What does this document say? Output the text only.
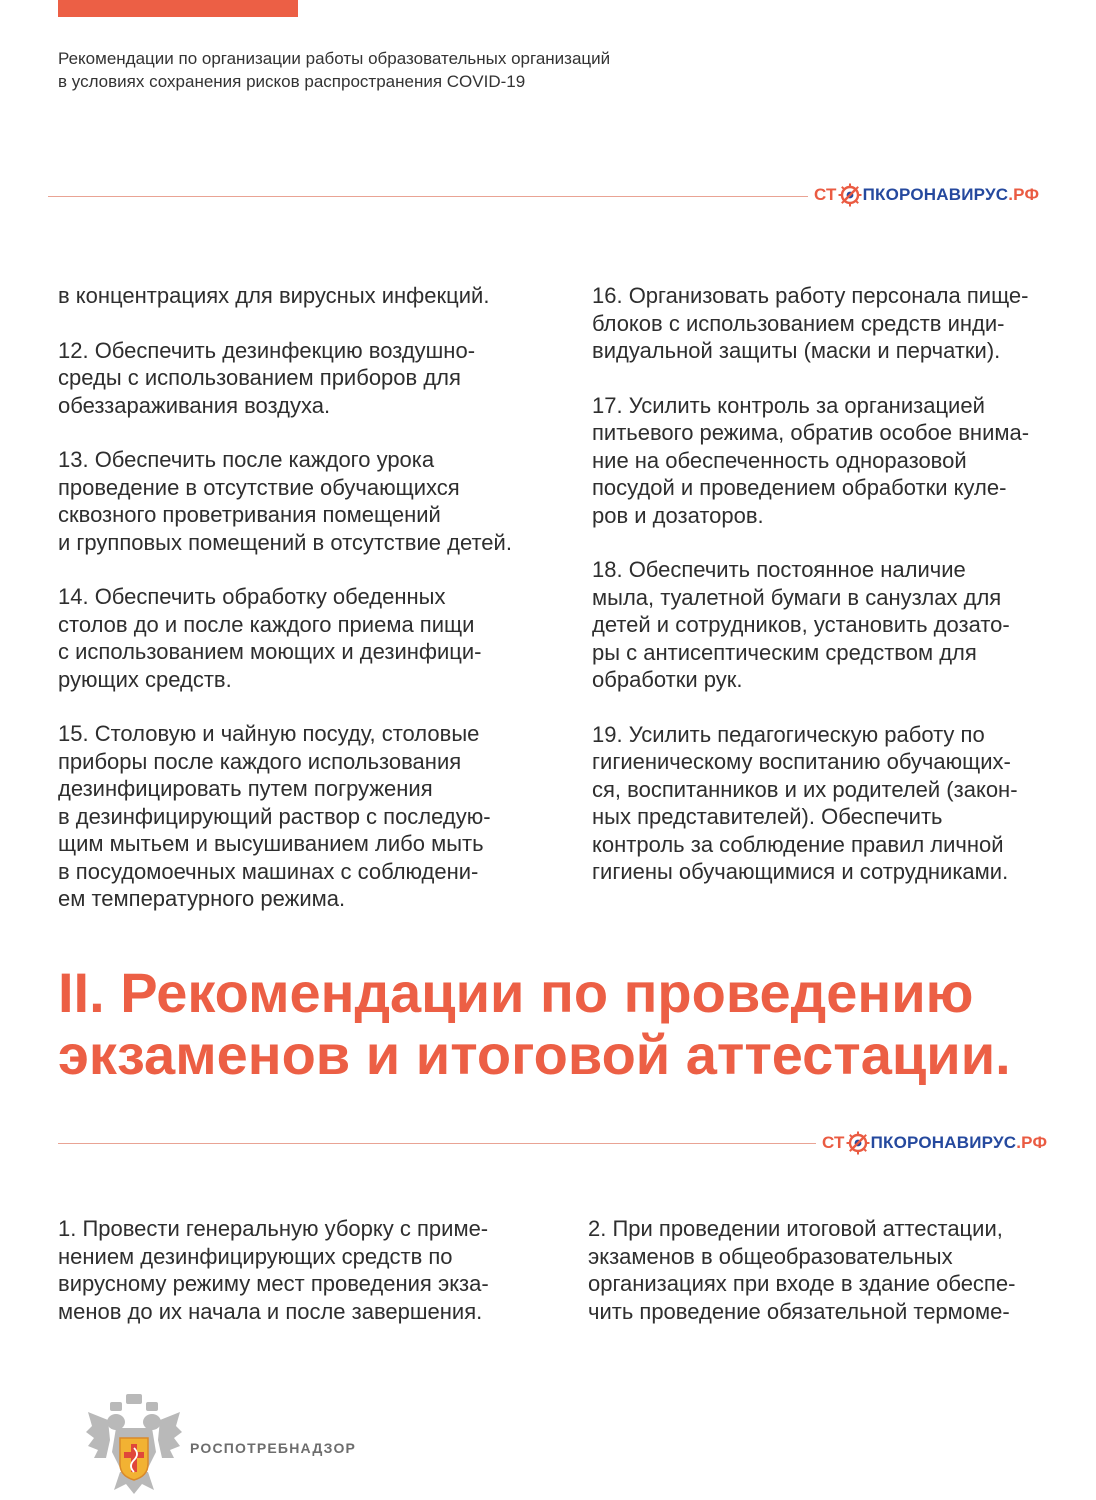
Рекомендации по организации работы образовательных организаций
в условиях сохранения рисков распространения COVID-19
СТ ПКОРОНАВИРУС .РФ

в концентрациях для вирусных инфекций.

12. Обеспечить дезинфекцию воздушно-
среды с использованием приборов для
обеззараживания воздуха.

13. Обеспечить после каждого урока
проведение в отсутствие обучающихся
сквозного проветривания помещений
и групповых помещений в отсутствие детей.

14. Обеспечить обработку обеденных
столов до и после каждого приема пищи
с использованием моющих и дезинфици-
рующих средств.

15. Столовую и чайную посуду, столовые
приборы после каждого использования
дезинфицировать путем погружения
в дезинфицирующий раствор с последую-
щим мытьем и высушиванием либо мыть
в посудомоечных машинах с соблюдени-
ем температурного режима.

16. Организовать работу персонала пище-
блоков с использованием средств инди-
видуальной защиты (маски и перчатки).

17. Усилить контроль за организацией
питьевого режима, обратив особое внима-
ние на обеспеченность одноразовой
посудой и проведением обработки куле-
ров и дозаторов.

18. Обеспечить постоянное наличие
мыла, туалетной бумаги в санузлах для
детей и сотрудников, установить дозато-
ры с антисептическим средством для
обработки рук.

19. Усилить педагогическую работу по
гигиеническому воспитанию обучающих-
ся, воспитанников и их родителей (закон-
ных представителей). Обеспечить
контроль за соблюдение правил личной
гигиены обучающимися и сотрудниками.

II. Рекомендации по проведению
экзаменов и итоговой аттестации.
СТ ПКОРОНАВИРУС .РФ

1. Провести генеральную уборку с приме-
нением дезинфицирующих средств по
вирусному режиму мест проведения экза-
менов до их начала и после завершения.

2. При проведении итоговой аттестации,
экзаменов в общеобразовательных
организациях при входе в здание обеспе-
чить проведение обязательной термоме-

РОСПОТРЕБНАДЗОР
